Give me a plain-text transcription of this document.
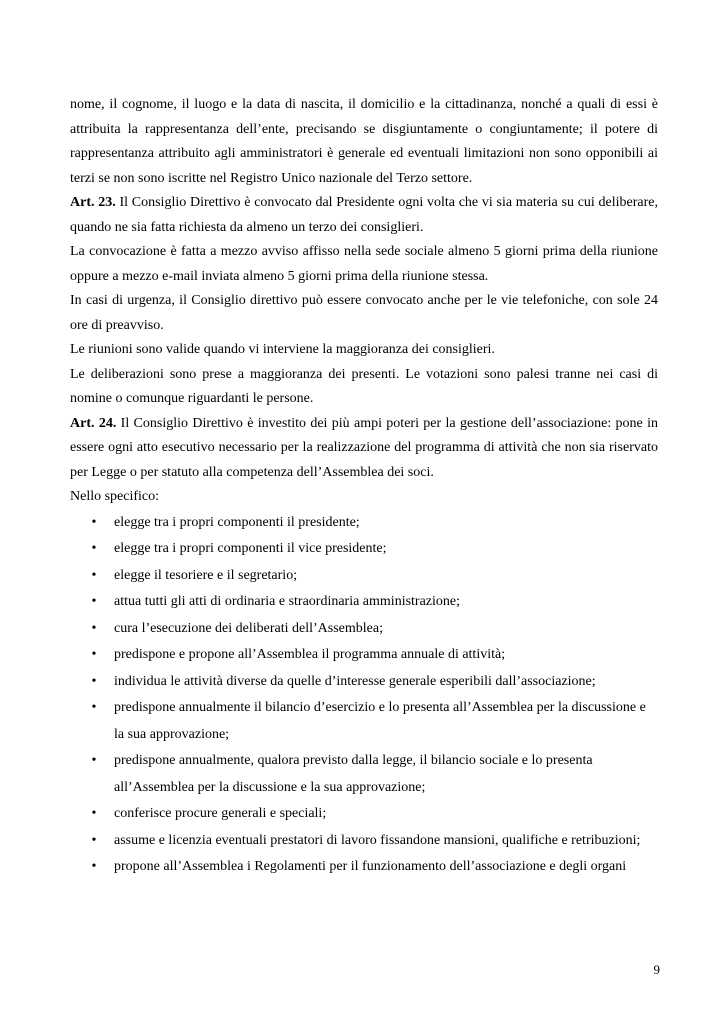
nome, il cognome, il luogo e la data di nascita, il domicilio e la cittadinanza, nonché a quali di essi è attribuita la rappresentanza dell’ente, precisando se disgiuntamente o congiuntamente; il potere di rappresentanza attribuito agli amministratori è generale ed eventuali limitazioni non sono opponibili ai terzi se non sono iscritte nel Registro Unico nazionale del Terzo settore.

Art. 23. Il Consiglio Direttivo è convocato dal Presidente ogni volta che vi sia materia su cui deliberare, quando ne sia fatta richiesta da almeno un terzo dei consiglieri.

La convocazione è fatta a mezzo avviso affisso nella sede sociale almeno 5 giorni prima della riunione oppure a mezzo e-mail inviata almeno 5 giorni prima della riunione stessa.

In casi di urgenza, il Consiglio direttivo può essere convocato anche per le vie telefoniche, con sole 24 ore di preavviso.

Le riunioni sono valide quando vi interviene la maggioranza dei consiglieri.

Le deliberazioni sono prese a maggioranza dei presenti. Le votazioni sono palesi tranne nei casi di nomine o comunque riguardanti le persone.

Art. 24. Il Consiglio Direttivo è investito dei più ampi poteri per la gestione dell’associazione: pone in essere ogni atto esecutivo necessario per la realizzazione del programma di attività che non sia riservato per Legge o per statuto alla competenza dell’Assemblea dei soci.

Nello specifico:

• elegge tra i propri componenti il presidente;
• elegge tra i propri componenti il vice presidente;
• elegge il tesoriere e il segretario;
• attua tutti gli atti di ordinaria e straordinaria amministrazione;
• cura l’esecuzione dei deliberati dell’Assemblea;
• predispone e propone all’Assemblea il programma annuale di attività;
• individua le attività diverse da quelle d’interesse generale esperibili dall’associazione;
• predispone annualmente il bilancio d’esercizio e lo presenta all’Assemblea per la discussione e la sua approvazione;
• predispone annualmente, qualora previsto dalla legge, il bilancio sociale e lo presenta all’Assemblea per la discussione e la sua approvazione;
• conferisce procure generali e speciali;
• assume e licenzia eventuali prestatori di lavoro fissandone mansioni, qualifiche e retribuzioni;
• propone all’Assemblea i Regolamenti per il funzionamento dell’associazione e degli organi
9
